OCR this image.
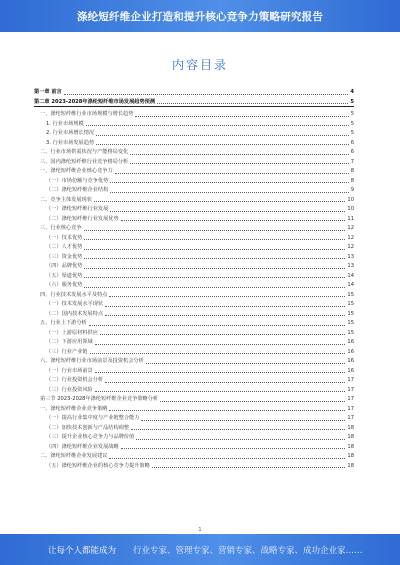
涤纶短纤维企业打造和提升核心竞争力策略研究报告
内容目录
第一章 前言	4
第二章 2023-2028年涤纶短纤维市场发展趋势预测	5
一、涤纶短纤维行业市场规模与增长趋势	5
1. 行业市场规模	5
2. 行业市场增长情况	5
3. 行业市场发展趋势	6
二、行业市场供需状况与产能格局变化	6
三、国内涤纶短纤维行业竞争格局分析	7
一、涤纶短纤维企业核心竞争力	8
（一）市场份额与竞争优势	8
（二）涤纶短纤维企业结构	9
二、竞争主体发展现状	10
（一）涤纶短纤维行业发展	10
（二）涤纶短纤维行业发展优势	11
三、行业核心竞争	12
（一）技术优势	12
（二）人才优势	12
（三）资金优势	13
（四）品牌优势	13
（五）渠道优势	14
（六）服务优势	14
四、行业技术发展水平及特点	15
（一）技术发展水平现状	15
（二）国内技术发展特点	15
五、行业上下游分析	15
（一）上游原材料供应	15
（二）下游应用领域	16
（三）行业产业链	16
六、涤纶短纤维行业市场前景及投资机会分析	16
（一）行业市场前景	16
（二）行业投资机会分析	17
（三）行业投资风险	17
第三节 2023-2028年涤纶短纤维企业竞争策略分析	17
一、涤纶短纤维企业竞争策略	17
（一）提高行业集中度与产业链整合能力	17
（二）加快技术创新与产品结构调整	18
（三）提升企业核心竞争力与品牌价值	18
（四）涤纶短纤维企业发展战略	18
二、涤纶短纤维企业发展建议	18
（五）涤纶短纤维企业的核心竞争力提升策略	18
1
让每个人都能成为 行业专家、管理专家、营销专家、战略专家、成功企业家……
